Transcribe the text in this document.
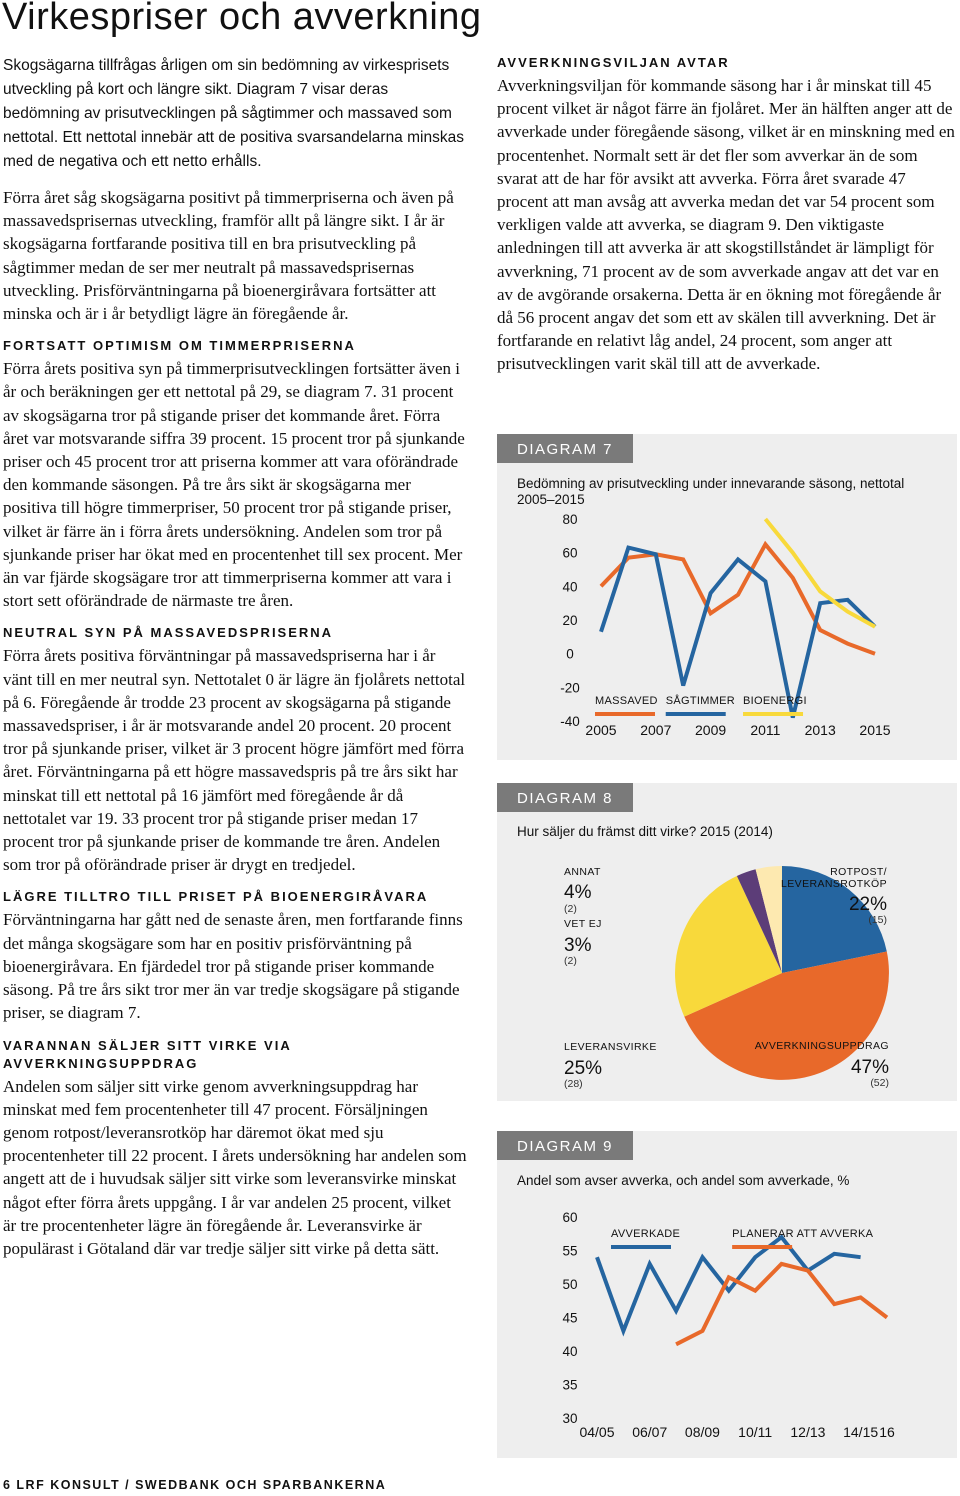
Virkespriser och avverkning

Skogsägarna tillfrågas årligen om sin bedömning av virkesprisets utveckling på kort och längre sikt. Diagram 7 visar deras bedömning av prisutvecklingen på sågtimmer och massaved som nettotal. Ett nettotal innebär att de positiva svarsandelarna minskas med de negativa och ett netto erhålls.

Förra året såg skogsägarna positivt på timmerpriserna och även på massavedsprisernas utveckling, framför allt på längre sikt. I år är skogsägarna fortfarande positiva till en bra prisutveckling på sågtimmer medan de ser mer neutralt på massavedsprisernas utveckling. Prisförväntningarna på bioenergiråvara fortsätter att minska och är i år betydligt lägre än föregående år.

FORTSATT OPTIMISM OM TIMMERPRISERNA

Förra årets positiva syn på timmerprisutvecklingen fortsätter även i år och beräkningen ger ett nettotal på 29, se diagram 7. 31 procent av skogsägarna tror på stigande priser det kommande året. Förra året var motsvarande siffra 39 procent. 15 procent tror på sjunkande priser och 45 procent tror att priserna kommer att vara oförändrade den kommande säsongen. På tre års sikt är skogsägarna mer positiva till högre timmerpriser, 50 procent tror på stigande priser, vilket är färre än i förra årets undersökning. Andelen som tror på sjunkande priser har ökat med en procentenhet till sex procent. Mer än var fjärde skogsägare tror att timmerpriserna kommer att vara i stort sett oförändrade de närmaste tre åren.

NEUTRAL SYN PÅ MASSAVEDSPRISERNA

Förra årets positiva förväntningar på massavedspriserna har i år vänt till en mer neutral syn. Nettotalet 0 är lägre än fjolårets nettotal på 6. Föregående år trodde 23 procent av skogsägarna på stigande massavedspriser, i år är motsvarande andel 20 procent. 20 procent tror på sjunkande priser, vilket är 3 procent högre jämfört med förra året. Förväntningarna på ett högre massavedspris på tre års sikt har minskat till ett nettotal på 16 jämfört med föregående år då nettotalet var 19. 33 procent tror på stigande priser medan 17 procent tror på sjunkande priser de kommande tre åren. Andelen som tror på oförändrade priser är drygt en tredjedel.

LÄGRE TILLTRO TILL PRISET PÅ BIOENERGIRÅVARA

Förväntningarna har gått ned de senaste åren, men fortfarande finns det många skogsägare som har en positiv prisförväntning på bioenergiråvara. En fjärdedel tror på stigande priser kommande säsong. På tre års sikt tror mer än var tredje skogsägare på stigande priser, se diagram 7.

VARANNAN SÄLJER SITT VIRKE VIA AVVERKNINGSUPPDRAG

Andelen som säljer sitt virke genom avverkningsuppdrag har minskat med fem procentenheter till 47 procent. Försäljningen genom rotpost/leveransrotköp har däremot ökat med sju procentenheter till 22 procent. I årets undersökning har andelen som angett att de i huvudsak säljer sitt virke som leveransvirke minskat något efter förra årets uppgång. I år var andelen 25 procent, vilket är tre procentenheter lägre än föregående år. Leveransvirke är populärast i Götaland där var tredje säljer sitt virke på detta sätt.

AVVERKNINGSVILJAN AVTAR

Avverkningsviljan för kommande säsong har i år minskat till 45 procent vilket är något färre än fjolåret. Mer än hälften anger att de avverkade under föregående säsong, vilket är en minskning med en procentenhet. Normalt sett är det fler som avverkar än de som svarat att de har för avsikt att avverka. Förra året svarade 47 procent att man avsåg att avverka medan det var 54 procent som verkligen valde att avverka, se diagram 9. Den viktigaste anledningen till att avverka är att skogstillståndet är lämpligt för avverkning, 71 procent av de som avverkade angav att det var en av de avgörande orsakerna. Detta är en ökning mot föregående år då 56 procent angav det som ett av skälen till avverkning. Det är fortfarande en relativt låg andel, 24 procent, som anger att prisutvecklingen varit skäl till att de avverkade.

DIAGRAM 7
Bedömning av prisutveckling under innevarande säsong, nettotal 2005–2015
80
60
40
20
0
-20
-40
2005 2007 2009 2011 2013 2015
MASSAVED SÅGTIMMER BIOENERGI
DIAGRAM 8
Hur säljer du främst ditt virke? 2015 (2014)
ANNAT
4%
(2)
VET EJ
3%
(2)
ROTPOST/
LEVERANSROTKÖP
22%
(15)
LEVERANSVIRKE
25%
(28)
AVVERKNINGSUPPDRAG
47%
(52)
DIAGRAM 9
Andel som avser avverka, och andel som avverkade, %
60
55
50
45
40
35
30
04/05 06/07 08/09 10/11 12/13 14/15 16
AVVERKADE	PLANERAR ATT AVVERKA
6 LRF KONSULT / SWEDBANK OCH SPARBANKERNA
